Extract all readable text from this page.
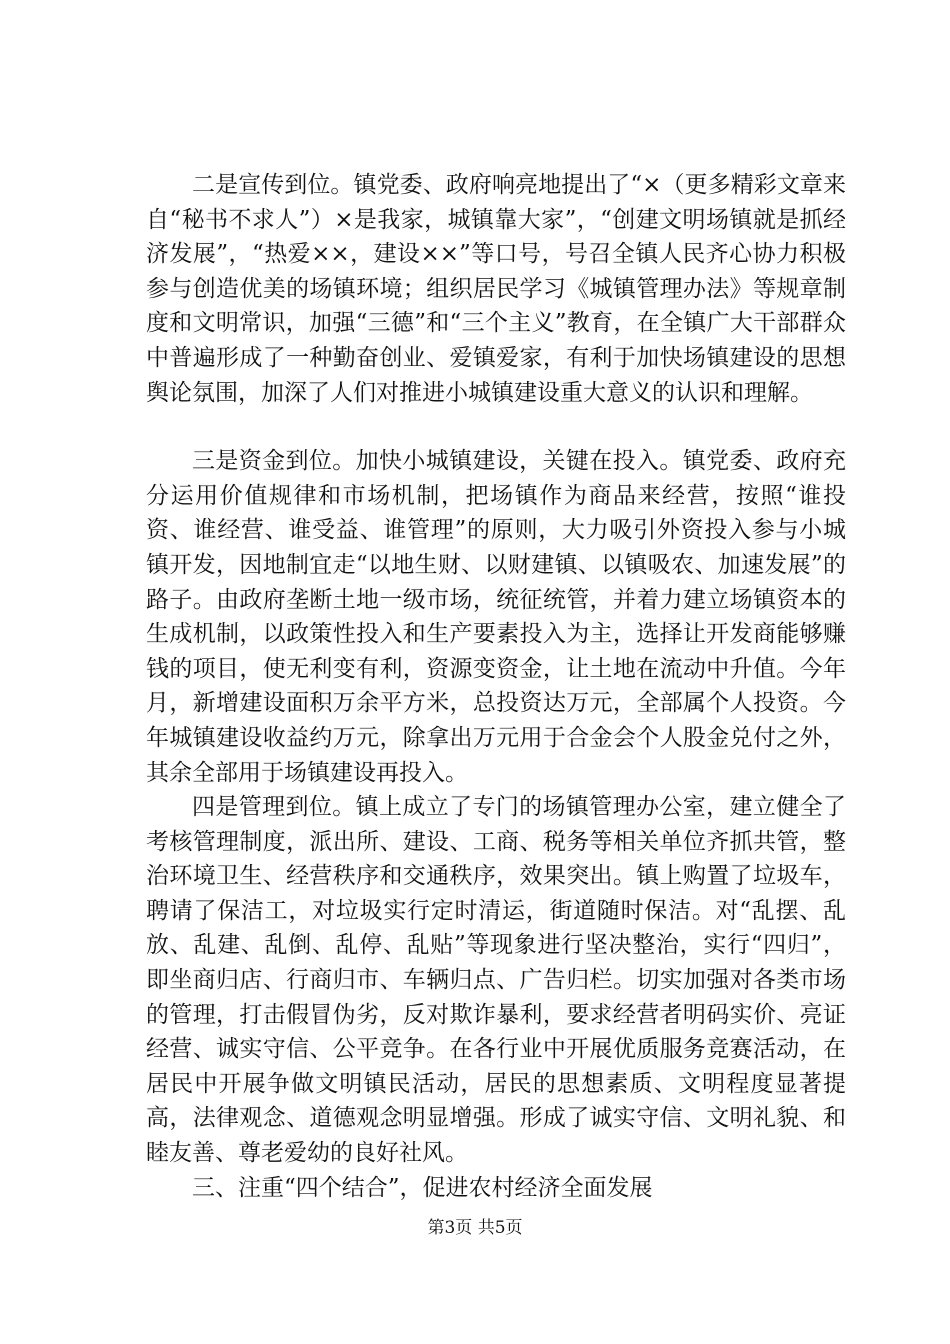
二是宣传到位。镇党委、政府响亮地提出了“×（更多精彩文章来自“秘书不求人”）×是我家，城镇靠大家”，“创建文明场镇就是抓经济发展”，“热爱××，建设××”等口号，号召全镇人民齐心协力积极参与创造优美的场镇环境；组织居民学习《城镇管理办法》等规章制度和文明常识，加强“三德”和“三个主义”教育，在全镇广大干部群众中普遍形成了一种勤奋创业、爱镇爱家，有利于加快场镇建设的思想舆论氛围，加深了人们对推进小城镇建设重大意义的认识和理解。

三是资金到位。加快小城镇建设，关键在投入。镇党委、政府充分运用价值规律和市场机制，把场镇作为商品来经营，按照“谁投资、谁经营、谁受益、谁管理”的原则，大力吸引外资投入参与小城镇开发，因地制宜走“以地生财、以财建镇、以镇吸农、加速发展”的路子。由政府垄断土地一级市场，统征统管，并着力建立场镇资本的生成机制，以政策性投入和生产要素投入为主，选择让开发商能够赚钱的项目，使无利变有利，资源变资金，让土地在流动中升值。今年月，新增建设面积万余平方米，总投资达万元，全部属个人投资。今年城镇建设收益约万元，除拿出万元用于合金会个人股金兑付之外，其余全部用于场镇建设再投入。

四是管理到位。镇上成立了专门的场镇管理办公室，建立健全了考核管理制度，派出所、建设、工商、税务等相关单位齐抓共管，整治环境卫生、经营秩序和交通秩序，效果突出。镇上购置了垃圾车，聘请了保洁工，对垃圾实行定时清运，街道随时保洁。对“乱摆、乱放、乱建、乱倒、乱停、乱贴”等现象进行坚决整治，实行“四归”，即坐商归店、行商归市、车辆归点、广告归栏。切实加强对各类市场的管理，打击假冒伪劣，反对欺诈暴利，要求经营者明码实价、亮证经营、诚实守信、公平竞争。在各行业中开展优质服务竞赛活动，在居民中开展争做文明镇民活动，居民的思想素质、文明程度显著提高，法律观念、道德观念明显增强。形成了诚实守信、文明礼貌、和睦友善、尊老爱幼的良好社风。

三、注重“四个结合”，促进农村经济全面发展

第3页 共5页
